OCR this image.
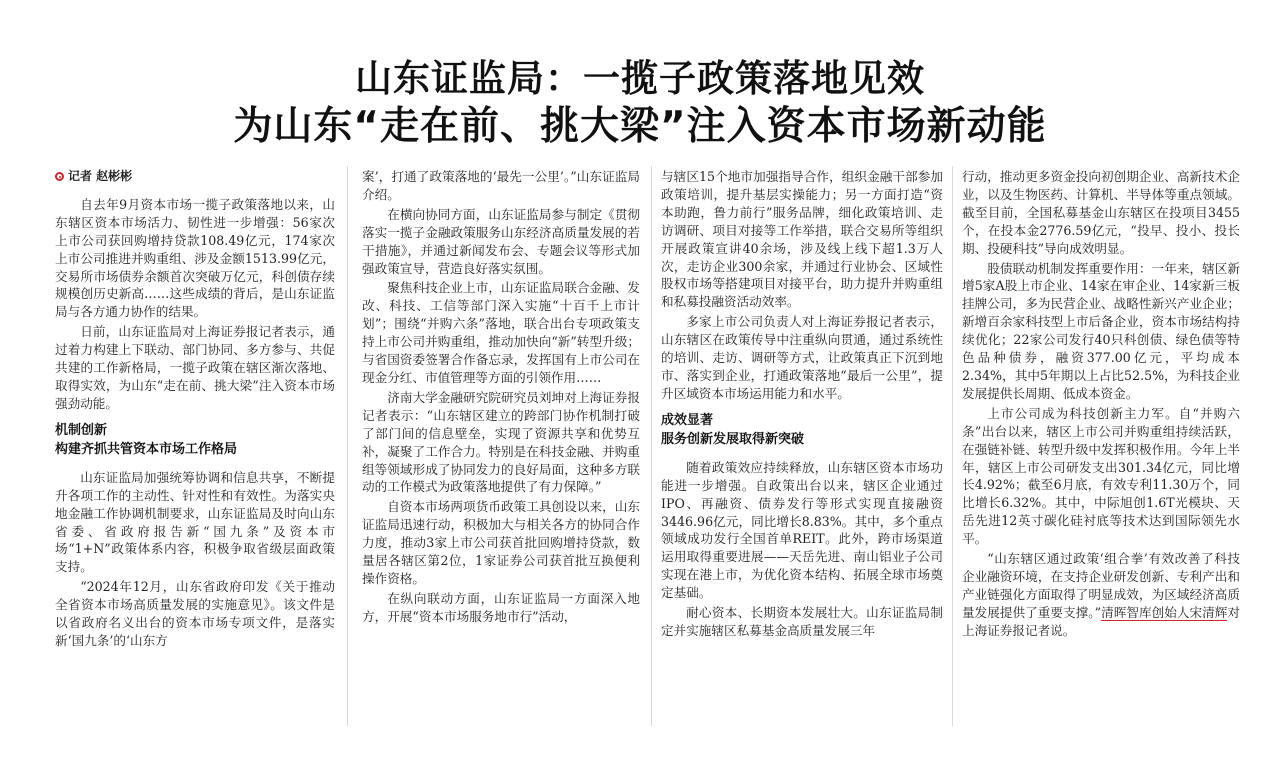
山东证监局：一揽子政策落地见效
为山东“走在前、挑大梁”注入资本市场新动能
记者 赵彬彬

自去年9月资本市场一揽子政策落地以来，山东辖区资本市场活力、韧性进一步增强：56家次上市公司获回购增持贷款108.49亿元，174家次上市公司推进并购重组、涉及金额1513.99亿元，交易所市场债券余额首次突破万亿元，科创债存续规模创历史新高……这些成绩的背后，是山东证监局与各方通力协作的结果。

日前，山东证监局对上海证券报记者表示，通过着力构建上下联动、部门协同、多方参与、共促共建的工作新格局，一揽子政策在辖区渐次落地、取得实效，为山东“走在前、挑大梁”注入资本市场强劲动能。

机制创新
构建齐抓共管资本市场工作格局

山东证监局加强统筹协调和信息共享，不断提升各项工作的主动性、针对性和有效性。为落实央地金融工作协调机制要求，山东证监局及时向山东省委、省政府报告新“国九条”及资本市场“1+N”政策体系内容，积极争取省级层面政策支持。

“2024年12月，山东省政府印发《关于推动全省资本市场高质量发展的实施意见》。该文件是以省政府名义出台的资本市场专项文件，是落实新‘国九条’的‘山东方

案’，打通了政策落地的‘最先一公里’。”山东证监局介绍。

在横向协同方面，山东证监局参与制定《贯彻落实一揽子金融政策服务山东经济高质量发展的若干措施》，并通过新闻发布会、专题会议等形式加强政策宣导，营造良好落实氛围。

聚焦科技企业上市，山东证监局联合金融、发改、科技、工信等部门深入实施“十百千上市计划”；围绕“并购六条”落地，联合出台专项政策支持上市公司并购重组，推动加快向“新”转型升级；与省国资委签署合作备忘录，发挥国有上市公司在现金分红、市值管理等方面的引领作用……

济南大学金融研究院研究员刘坤对上海证券报记者表示：“山东辖区建立的跨部门协作机制打破了部门间的信息壁垒，实现了资源共享和优势互补，凝聚了工作合力。特别是在科技金融、并购重组等领域形成了协同发力的良好局面，这种多方联动的工作模式为政策落地提供了有力保障。”

自资本市场两项货币政策工具创设以来，山东证监局迅速行动，积极加大与相关各方的协同合作力度，推动3家上市公司获首批回购增持贷款，数量居各辖区第2位，1家证券公司获首批互换便利操作资格。

在纵向联动方面，山东证监局一方面深入地方，开展“资本市场服务地市行”活动，

与辖区15个地市加强指导合作，组织金融干部参加政策培训，提升基层实操能力；另一方面打造“资本助跑，鲁力前行”服务品牌，细化政策培训、走访调研、项目对接等工作举措，联合交易所等组织开展政策宣讲40余场，涉及线上线下超1.3万人次，走访企业300余家，并通过行业协会、区域性股权市场等搭建项目对接平台，助力提升并购重组和私募投融资活动效率。

多家上市公司负责人对上海证券报记者表示，山东辖区在政策传导中注重纵向贯通，通过系统性的培训、走访、调研等方式，让政策真正下沉到地市、落实到企业，打通政策落地“最后一公里”，提升区域资本市场运用能力和水平。

成效显著
服务创新发展取得新突破

随着政策效应持续释放，山东辖区资本市场功能进一步增强。自政策出台以来，辖区企业通过IPO、再融资、债券发行等形式实现直接融资3446.96亿元，同比增长8.83%。其中，多个重点领域成功发行全国首单REIT。此外，跨市场渠道运用取得重要进展——天岳先进、南山铝业子公司实现在港上市，为优化资本结构、拓展全球市场奠定基础。

耐心资本、长期资本发展壮大。山东证监局制定并实施辖区私募基金高质量发展三年

行动，推动更多资金投向初创期企业、高新技术企业，以及生物医药、计算机、半导体等重点领域。截至目前，全国私募基金山东辖区在投项目3455个，在投本金2776.59亿元，“投早、投小、投长期、投硬科技”导向成效明显。

股债联动机制发挥重要作用：一年来，辖区新增5家A股上市企业、14家在审企业、14家新三板挂牌公司，多为民营企业、战略性新兴产业企业；新增百余家科技型上市后备企业，资本市场结构持续优化；22家公司发行40只科创债、绿色债等特色品种债券，融资377.00亿元，平均成本2.34%，其中5年期以上占比52.5%，为科技企业发展提供长周期、低成本资金。

上市公司成为科技创新主力军。自“并购六条”出台以来，辖区上市公司并购重组持续活跃，在强链补链、转型升级中发挥积极作用。今年上半年，辖区上市公司研发支出301.34亿元，同比增长4.92%；截至6月底，有效专利11.30万个，同比增长6.32%。其中，中际旭创1.6T光模块、天岳先进12英寸碳化硅衬底等技术达到国际领先水平。

“山东辖区通过政策‘组合拳’有效改善了科技企业融资环境，在支持企业研发创新、专利产出和产业链强化方面取得了明显成效，为区域经济高质量发展提供了重要支撑。”清晖智库创始人宋清辉对上海证券报记者说。
